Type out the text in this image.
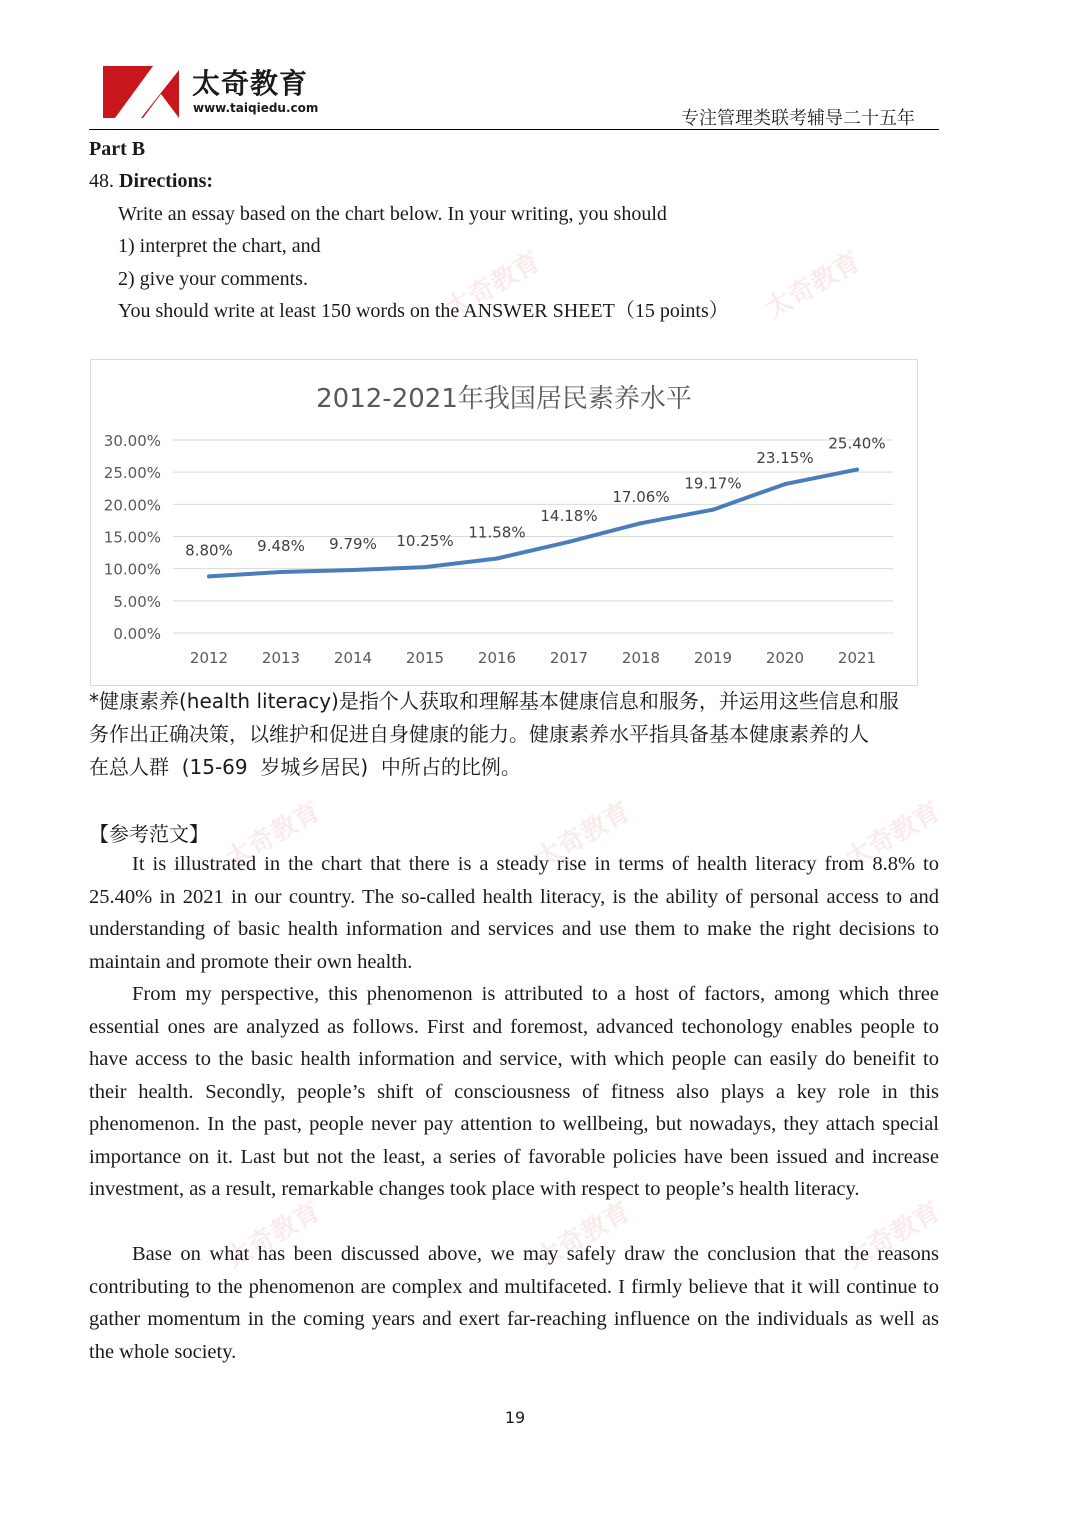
太奇教育	太奇教育
太奇教育	太奇教育	太奇教育
太奇教育	太奇教育	太奇教育
太奇教育
www.taiqiedu.com	专注管理类联考辅导二十五年
Part B
48. Directions:
Write an essay based on the chart below. In your writing, you should
1) interpret the chart, and
2) give your comments.
You should write at least 150 words on the ANSWER SHEET（15 points）
2012-2021年我国居民素养水平
0.00%
5.00%
10.00%
15.00%
20.00%
25.00%
30.00%
2012 2013 2014 2015 2016 2017 2018 2019 2020 2021
8.80% 9.48% 9.79% 10.25% 11.58%
14.18%
17.06%
19.17%
23.15%
25.40%
*健康素养(health literacy)是指个人获取和理解基本健康信息和服务，并运用这些信息和服
务作出正确决策，以维护和促进自身健康的能力。健康素养水平指具备基本健康素养的人
在总人群  (15-69  岁城乡居民)  中所占的比例。
【参考范文】
It is illustrated in the chart that there is a steady rise in terms of health literacy from 8.8% to 25.40% in 2021 in our country. The so-called health literacy, is the ability of personal access to and understanding of basic health information and services and use them to make the right decisions to maintain and promote their own health.
From my perspective, this phenomenon is attributed to a host of factors, among which three essential ones are analyzed as follows. First and foremost, advanced techonology enables people to have access to the basic health information and service, with which people can easily do beneifit to their health. Secondly, people’s shift of consciousness of fitness also plays a key role in this phenomenon. In the past, people never pay attention to wellbeing, but nowadays, they attach special importance on it. Last but not the least, a series of favorable policies have been issued and increase investment, as a result, remarkable changes took place with respect to people’s health literacy.
Base on what has been discussed above, we may safely draw the conclusion that the reasons contributing to the phenomenon are complex and multifaceted. I firmly believe that it will continue to gather momentum in the coming years and exert far-reaching influence on the individuals as well as the whole society.
19
